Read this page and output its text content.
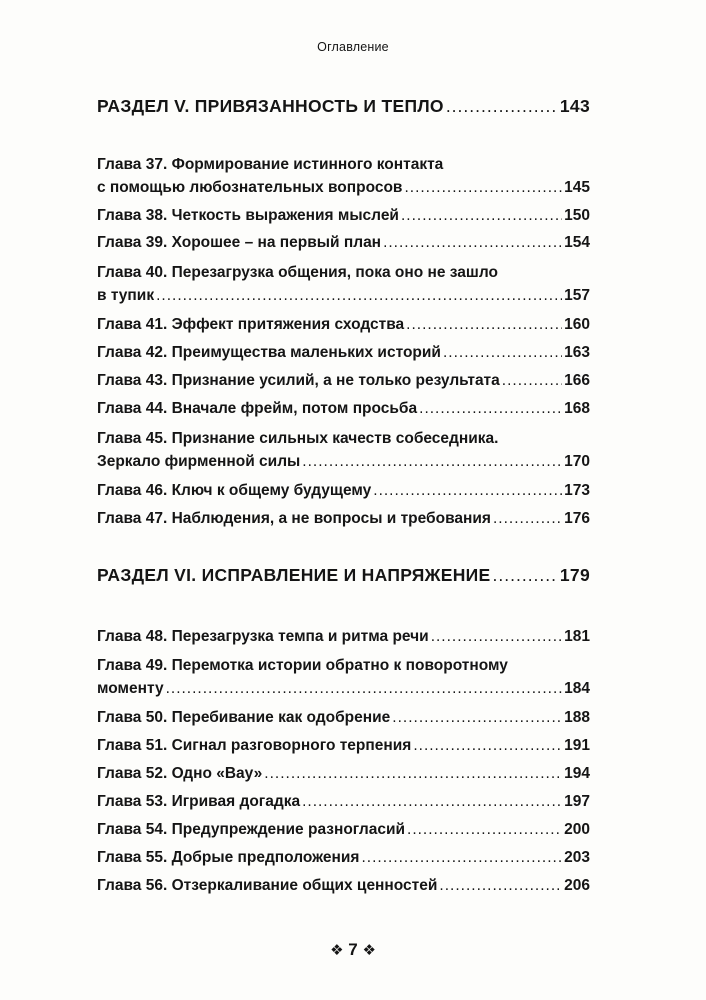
Оглавление
РАЗДЕЛ V. ПРИВЯЗАННОСТЬ И ТЕПЛО .....	143
Глава 37. Формирование истинного контакта
с помощью любознательных вопросов .....	145
Глава 38. Четкость выражения мыслей .....	150
Глава 39. Хорошее – на первый план .....	154
Глава 40. Перезагрузка общения, пока оно не зашло
в тупик .....	157
Глава 41. Эффект притяжения сходства .....	160
Глава 42. Преимущества маленьких историй .....	163
Глава 43. Признание усилий, а не только результата .....	166
Глава 44. Вначале фрейм, потом просьба .....	168
Глава 45. Признание сильных качеств собеседника.
Зеркало фирменной силы .....	170
Глава 46. Ключ к общему будущему .....	173
Глава 47. Наблюдения, а не вопросы и требования .....	176
РАЗДЕЛ VI. ИСПРАВЛЕНИЕ И НАПРЯЖЕНИЕ .....	179
Глава 48. Перезагрузка темпа и ритма речи .....	181
Глава 49. Перемотка истории обратно к поворотному
моменту .....	184
Глава 50. Перебивание как одобрение .....	188
Глава 51. Сигнал разговорного терпения .....	191
Глава 52. Одно «Вау» .....	194
Глава 53. Игривая догадка .....	197
Глава 54. Предупреждение разногласий .....	200
Глава 55. Добрые предположения .....	203
Глава 56. Отзеркаливание общих ценностей .....	206
❖ 7 ❖
